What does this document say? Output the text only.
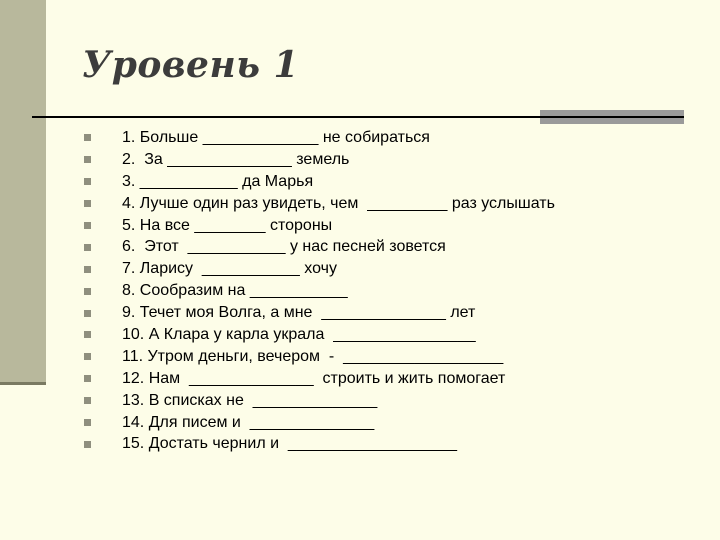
Уровень 1
1. Больше _____________ не собираться
2.  За ______________ земель
3. ___________ да Марья
4. Лучше один раз увидеть, чем  _________ раз услышать
5. На все ________ стороны
6.  Этот  ___________ у нас песней зовется
7. Ларису  ___________ хочу
8. Сообразим на ___________
9. Течет моя Волга, а мне  ______________ лет
10. А Клара у карла украла  ________________
11. Утром деньги, вечером  -  __________________
12. Нам  ______________  строить и жить помогает
13. В списках не  ______________
14. Для писем и  ______________
15. Достать чернил и  ___________________
